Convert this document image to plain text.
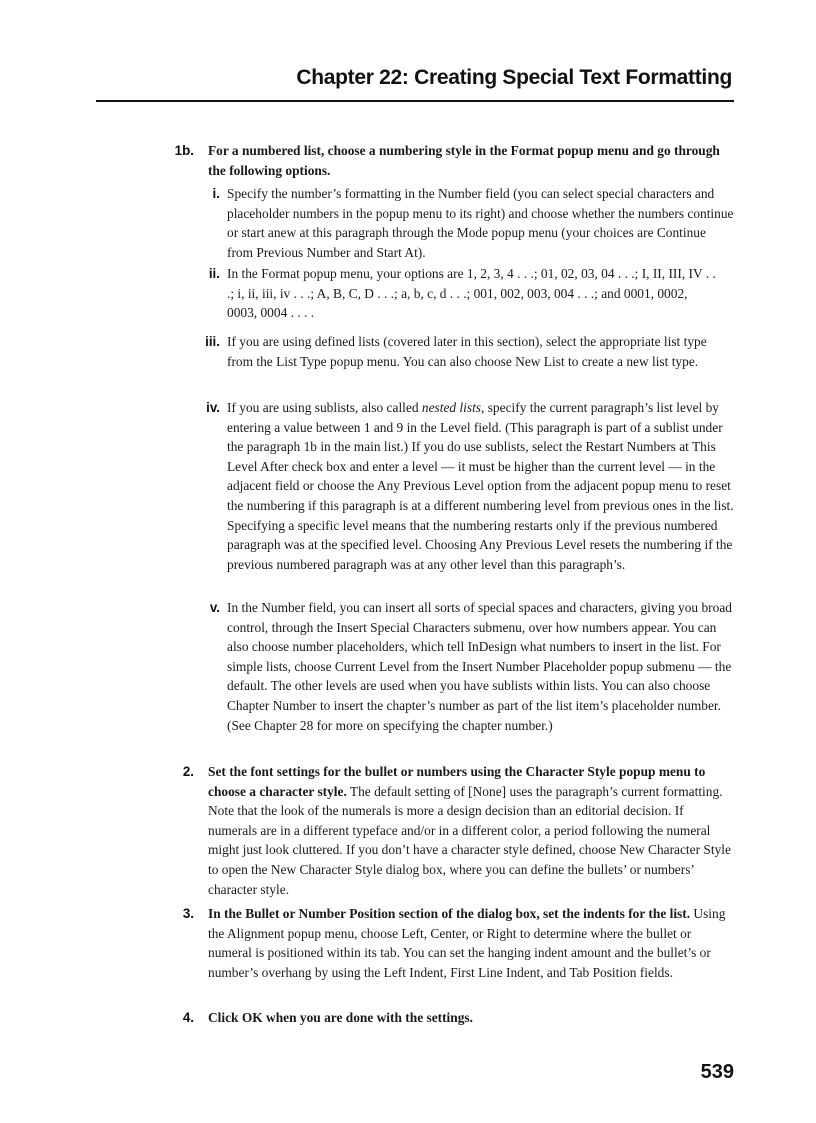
Chapter 22: Creating Special Text Formatting
1b. For a numbered list, choose a numbering style in the Format popup menu and go through the following options.
i. Specify the number’s formatting in the Number field (you can select special characters and placeholder numbers in the popup menu to its right) and choose whether the numbers continue or start anew at this paragraph through the Mode popup menu (your choices are Continue from Previous Number and Start At).
ii. In the Format popup menu, your options are 1, 2, 3, 4 . . .; 01, 02, 03, 04 . . .; I, II, III, IV . . .; i, ii, iii, iv . . .; A, B, C, D . . .; a, b, c, d . . .; 001, 002, 003, 004 . . .; and 0001, 0002, 0003, 0004 . . . .
iii. If you are using defined lists (covered later in this section), select the appropriate list type from the List Type popup menu. You can also choose New List to create a new list type.
iv. If you are using sublists, also called nested lists, specify the current paragraph’s list level by entering a value between 1 and 9 in the Level field. (This paragraph is part of a sublist under the paragraph 1b in the main list.) If you do use sublists, select the Restart Numbers at This Level After check box and enter a level — it must be higher than the current level — in the adjacent field or choose the Any Previous Level option from the adjacent popup menu to reset the numbering if this paragraph is at a different numbering level from previous ones in the list. Specifying a specific level means that the numbering restarts only if the previous numbered paragraph was at the specified level. Choosing Any Previous Level resets the numbering if the previous numbered paragraph was at any other level than this paragraph’s.
v. In the Number field, you can insert all sorts of special spaces and characters, giving you broad control, through the Insert Special Characters submenu, over how numbers appear. You can also choose number placeholders, which tell InDesign what numbers to insert in the list. For simple lists, choose Current Level from the Insert Number Placeholder popup submenu — the default. The other levels are used when you have sublists within lists. You can also choose Chapter Number to insert the chapter’s number as part of the list item’s placeholder number. (See Chapter 28 for more on specifying the chapter number.)
2. Set the font settings for the bullet or numbers using the Character Style popup menu to choose a character style. The default setting of [None] uses the paragraph’s current formatting. Note that the look of the numerals is more a design decision than an editorial decision. If numerals are in a different typeface and/or in a different color, a period following the numeral might just look cluttered. If you don’t have a character style defined, choose New Character Style to open the New Character Style dialog box, where you can define the bullets’ or numbers’ character style.
3. In the Bullet or Number Position section of the dialog box, set the indents for the list. Using the Alignment popup menu, choose Left, Center, or Right to determine where the bullet or numeral is positioned within its tab. You can set the hanging indent amount and the bullet’s or number’s overhang by using the Left Indent, First Line Indent, and Tab Position fields.
4. Click OK when you are done with the settings.
539
